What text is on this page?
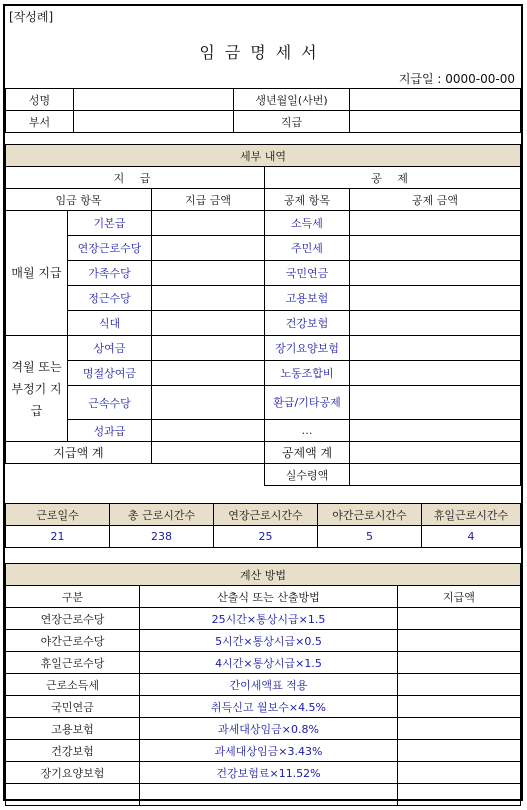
[작성례]
임금명세서
지급일 : 0000-00-00
성명		생년월일(사번)	
부서		직급	
세부 내역				
지 급			공 제	
임금 항목		지급 금액	공제 항목	공제 금액
매월 지급	기본급		소득세	
	연장근로수당		주민세	
	가족수당		국민연금	
	정근수당		고용보험	
	식대		건강보험	
격월 또는 부정기 지급	상여금		장기요양보험	
	명절상여금		노동조합비	
	근속수당		환급/기타공제	
	성과급		…	
지급액 계			공제액 계	
			실수령액	
근로일수	총 근로시간수	연장근로시간수	야간근로시간수	휴일근로시간수
21	238	25	5	4
계산 방법		
구분	산출식 또는 산출방법	지급액
연장근로수당	25시간×통상시급×1.5	
야간근로수당	5시간×통상시급×0.5	
휴일근로수당	4시간×통상시급×1.5	
근로소득세	간이세액표 적용	
국민연금	취득신고 월보수×4.5%	
고용보험	과세대상임금×0.8%	
건강보험	과세대상임금×3.43%	
장기요양보험	건강보험료×11.52%	
